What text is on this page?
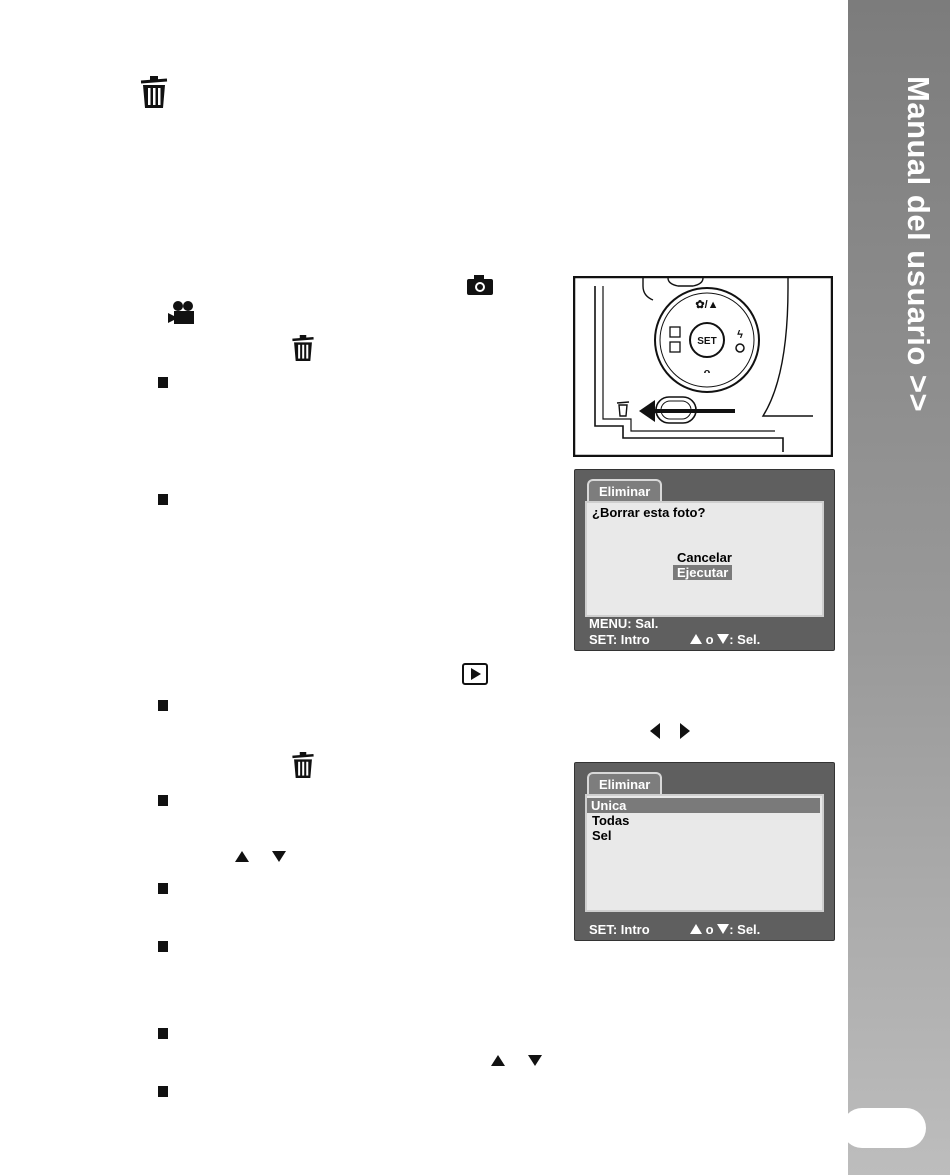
Manual del usuario >>
SET
✿/▲
ᴖ
ϟ
Eliminar
¿Borrar esta foto?
Cancelar
Ejecutar
MENU: Sal.
SET: Intro	o : Sel.
Eliminar
Unica
Todas
Sel
SET: Intro	o : Sel.
